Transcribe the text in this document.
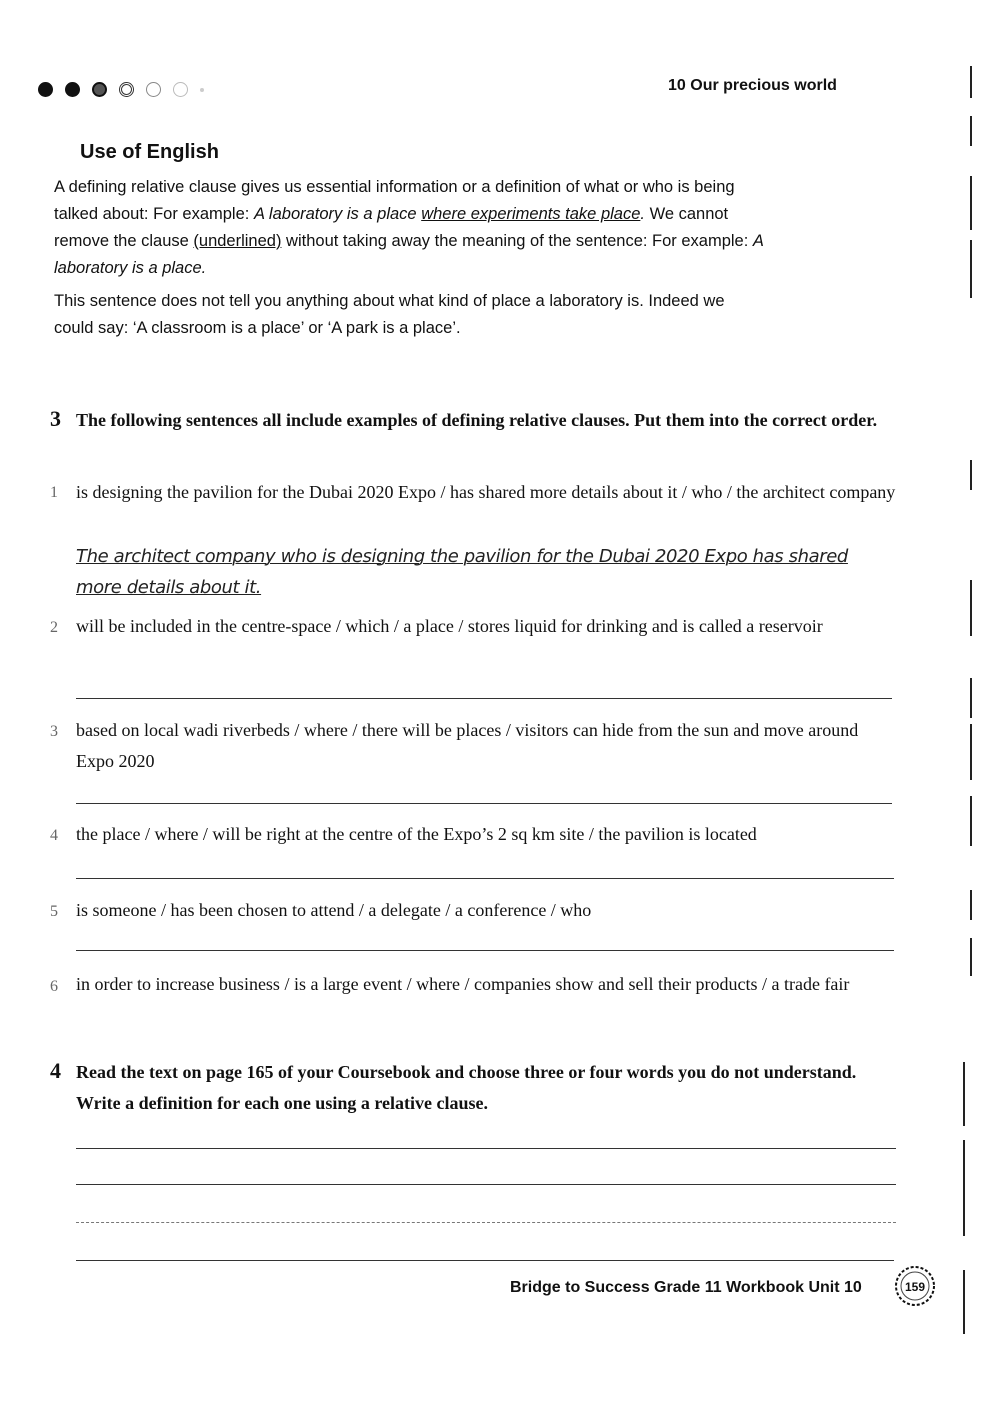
10 Our precious world
Use of English

A defining relative clause gives us essential information or a definition of what or who is being talked about: For example: A laboratory is a place where experiments take place. We cannot remove the clause (underlined) without taking away the meaning of the sentence: For example: A laboratory is a place.

This sentence does not tell you anything about what kind of place a laboratory is. Indeed we could say: ‘A classroom is a place’ or ‘A park is a place’.

3 The following sentences all include examples of defining relative clauses. Put them into the correct order.
1 is designing the pavilion for the Dubai 2020 Expo / has shared more details about it / who / the architect company
The architect company who is designing the pavilion for the Dubai 2020 Expo has shared more details about it.
2 will be included in the centre-space / which / a place / stores liquid for drinking and is called a reservoir
3 based on local wadi riverbeds / where / there will be places / visitors can hide from the sun and move around Expo 2020
4 the place / where / will be right at the centre of the Expo’s 2 sq km site / the pavilion is located
5 is someone / has been chosen to attend / a delegate / a conference / who
6 in order to increase business / is a large event / where / companies show and sell their products / a trade fair
4 Read the text on page 165 of your Coursebook and choose three or four words you do not understand. Write a definition for each one using a relative clause.
Bridge to Success Grade 11 Workbook Unit 10	159
